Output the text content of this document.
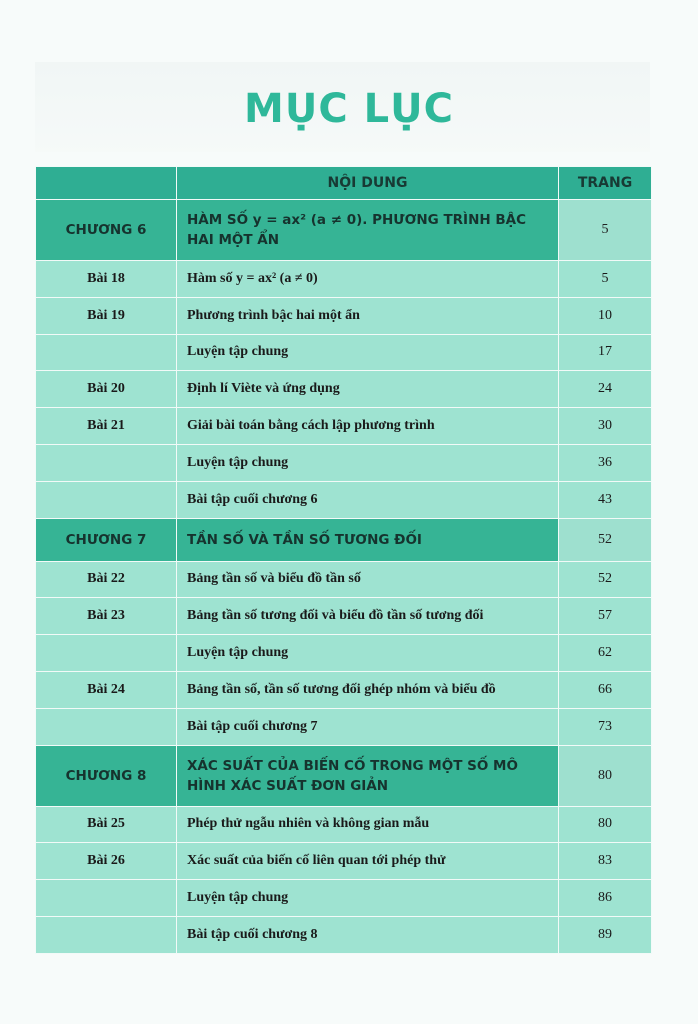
MỤC LỤC
	NỘI DUNG	TRANG
CHƯƠNG 6	HÀM SỐ y = ax² (a ≠ 0). PHƯƠNG TRÌNH BẬC HAI MỘT ẨN	5
Bài 18	Hàm số y = ax² (a ≠ 0)	5
Bài 19	Phương trình bậc hai một ẩn	10
	Luyện tập chung	17
Bài 20	Định lí Viète và ứng dụng	24
Bài 21	Giải bài toán bằng cách lập phương trình	30
	Luyện tập chung	36
	Bài tập cuối chương 6	43
CHƯƠNG 7	TẦN SỐ VÀ TẦN SỐ TƯƠNG ĐỐI	52
Bài 22	Bảng tần số và biểu đồ tần số	52
Bài 23	Bảng tần số tương đối và biểu đồ tần số tương đối	57
	Luyện tập chung	62
Bài 24	Bảng tần số, tần số tương đối ghép nhóm và biểu đồ	66
	Bài tập cuối chương 7	73
CHƯƠNG 8	XÁC SUẤT CỦA BIẾN CỐ TRONG MỘT SỐ MÔ HÌNH XÁC SUẤT ĐƠN GIẢN	80
Bài 25	Phép thử ngẫu nhiên và không gian mẫu	80
Bài 26	Xác suất của biến cố liên quan tới phép thử	83
	Luyện tập chung	86
	Bài tập cuối chương 8	89
